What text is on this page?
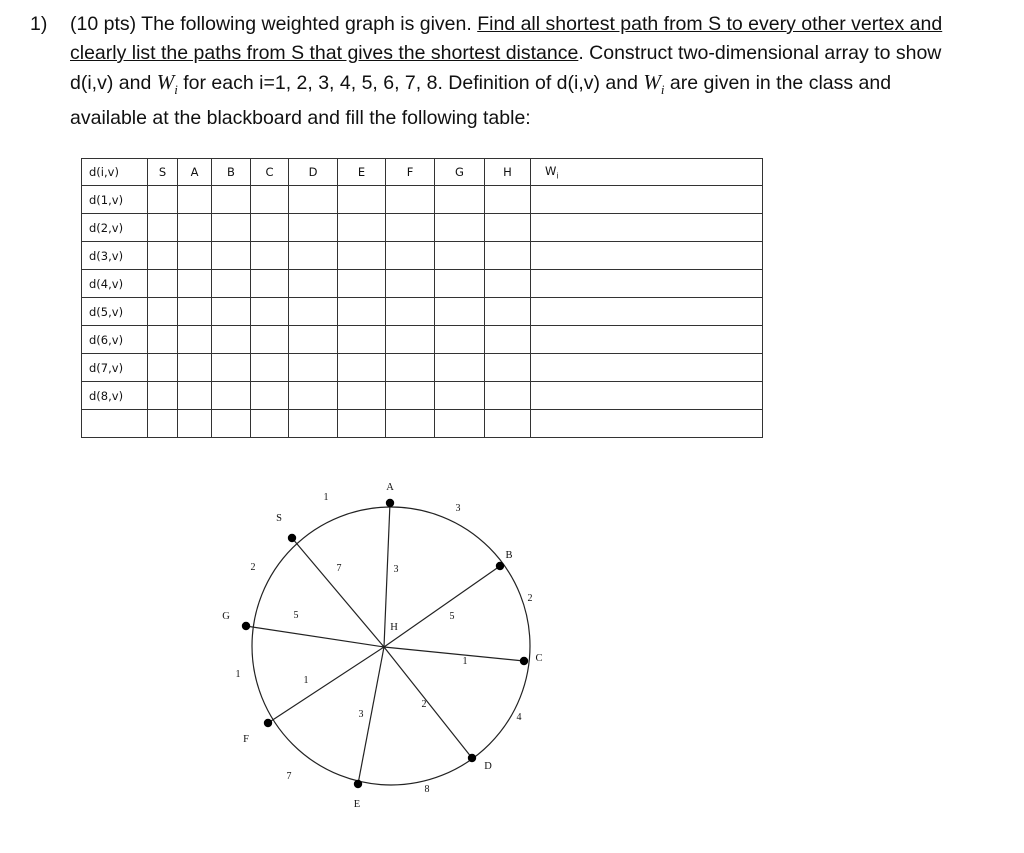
1) (10 pts) The following weighted graph is given. Find all shortest path from S to every other vertex and clearly list the paths from S that gives the shortest distance. Construct two-dimensional array to show d(i,v) and $W_i$ for each i=1, 2, 3, 4, 5, 6, 7, 8. Definition of d(i,v) and $W_i$ are given in the class and available at the blackboard and fill the following table:
d(i,v)	S	A	B	C	D	E	F	G	H	$W_i$
d(1,v)										
d(2,v)										
d(3,v)										
d(4,v)										
d(5,v)										
d(6,v)										
d(7,v)										
d(8,v)										

1
3
2
4
8
7
1
2	3
7
5
5
1
1
3
2
S
A
B
C
D
E
F
G
H
